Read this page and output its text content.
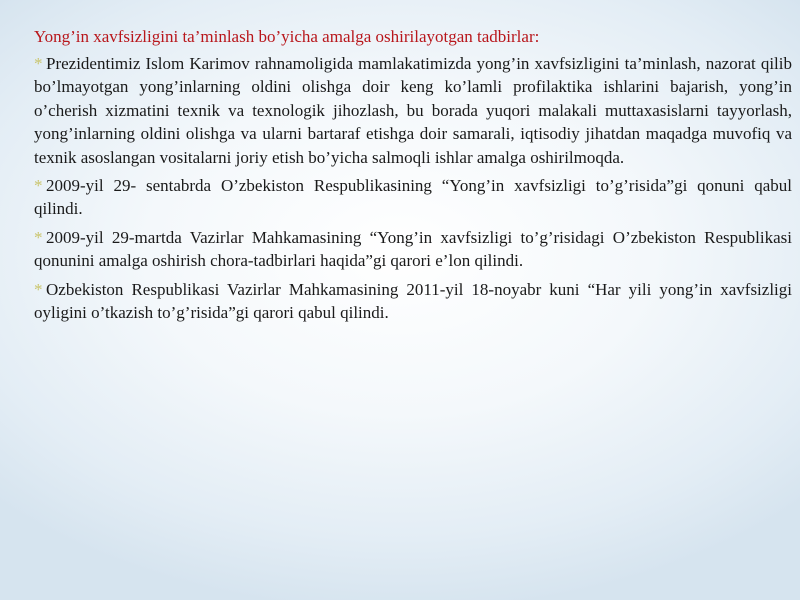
Yong’in xavfsizligini ta’minlash bo’yicha amalga oshirilayotgan tadbirlar:

* Prezidentimiz Islom Karimov rahnamoligida mamlakatimizda yong’in xavfsizligini ta’minlash, nazorat qilib bo’lmayotgan yong’inlarning oldini olishga doir keng ko’lamli profilaktika ishlarini bajarish, yong’in o’cherish xizmatini texnik va texnologik jihozlash, bu borada yuqori malakali muttaxasislarni tayyorlash, yong’inlarning oldini olishga va ularni bartaraf etishga doir samarali, iqtisodiy jihatdan maqadga muvofiq va texnik asoslangan vositalarni joriy etish bo’yicha salmoqli ishlar amalga oshirilmoqda.
* 2009-yil 29- sentabrda O’zbekiston Respublikasining “Yong’in xavfsizligi to’g’risida”gi qonuni qabul qilindi.
* 2009-yil 29-martda Vazirlar Mahkamasining “Yong’in xavfsizligi to’g’risidagi O’zbekiston Respublikasi qonunini amalga oshirish chora-tadbirlari haqida”gi qarori e’lon qilindi.
* Ozbekiston Respublikasi Vazirlar Mahkamasining 2011-yil 18-noyabr kuni “Har yili yong’in xavfsizligi oyligini o’tkazish to’g’risida”gi qarori qabul qilindi.
